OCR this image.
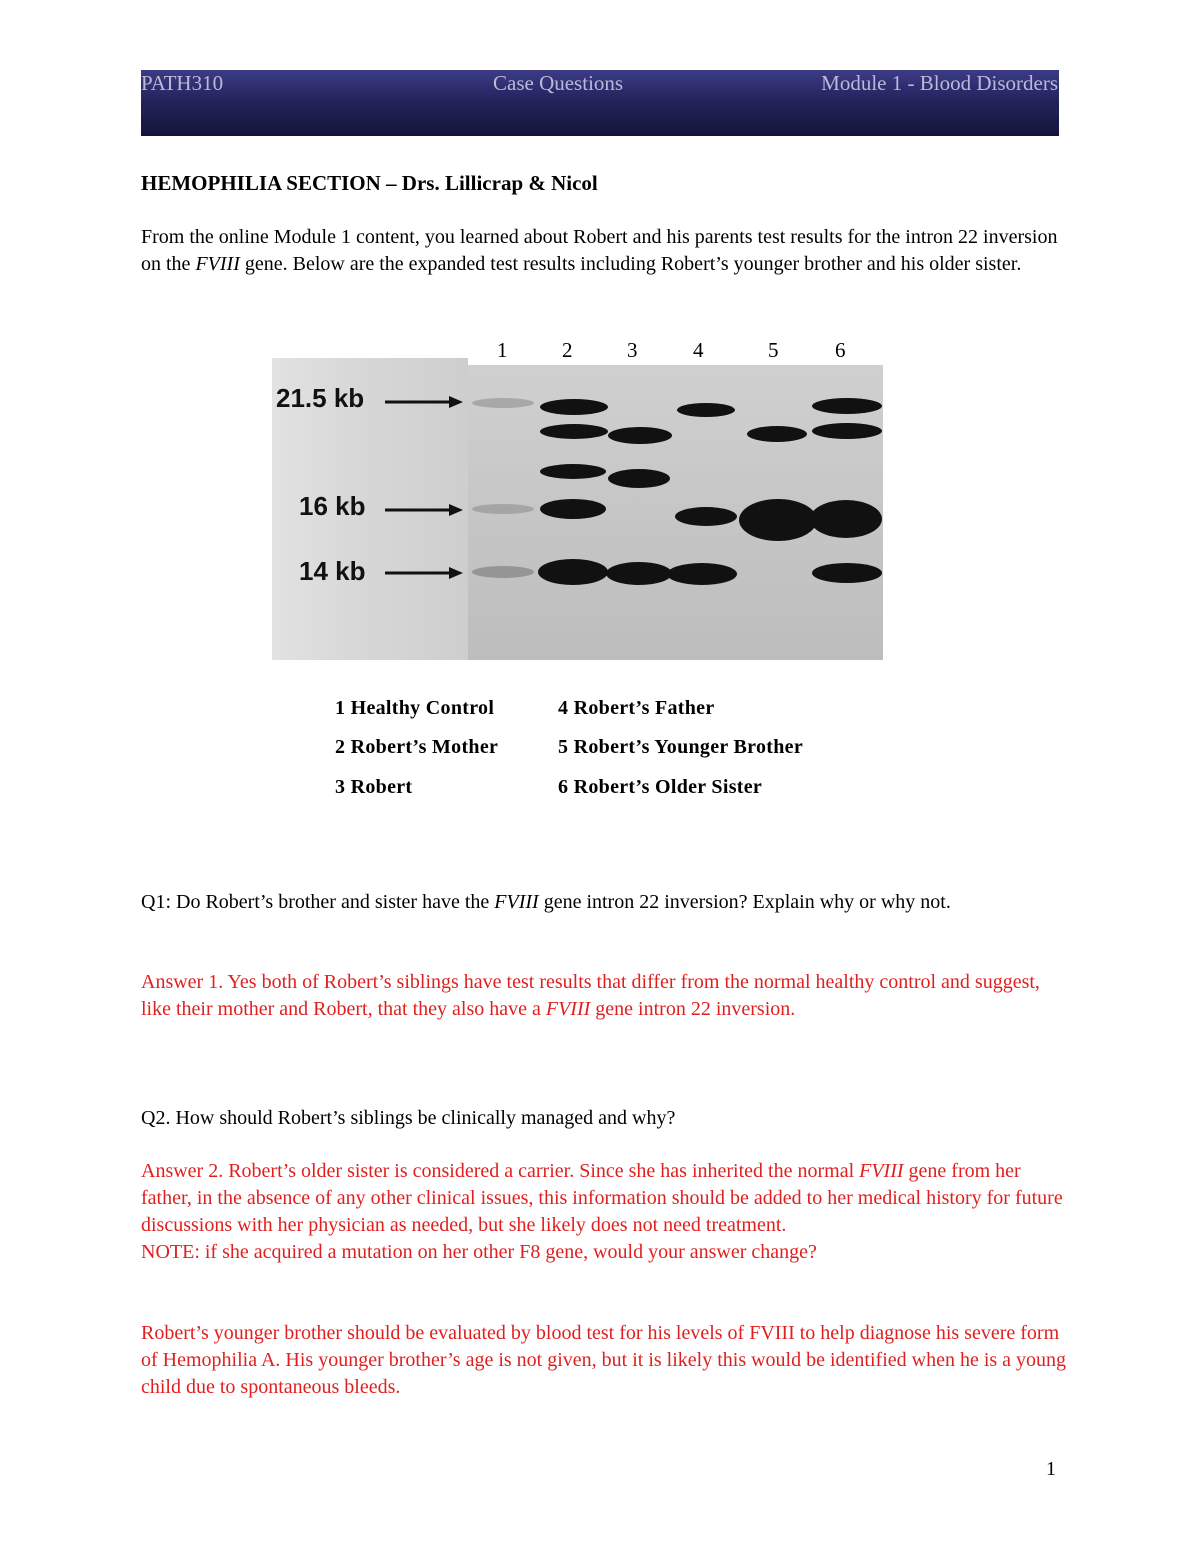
PATH310	Case Questions	Module 1 - Blood Disorders
HEMOPHILIA SECTION – Drs. Lillicrap & Nicol

From the online Module 1 content, you learned about Robert and his parents test results for the intron 22 inversion on the FVIII gene. Below are the expanded test results including Robert’s younger brother and his older sister.

1	2	3	4	5	6
21.5 kb
16 kb
14 kb
1 Healthy Control	4 Robert’s Father
2 Robert’s Mother	5 Robert’s Younger Brother
3 Robert	6 Robert’s Older Sister

Q1: Do Robert’s brother and sister have the FVIII gene intron 22 inversion? Explain why or why not.

Answer 1. Yes both of Robert’s siblings have test results that differ from the normal healthy control and suggest, like their mother and Robert, that they also have a FVIII gene intron 22 inversion.

Q2. How should Robert’s siblings be clinically managed and why?

Answer 2. Robert’s older sister is considered a carrier. Since she has inherited the normal FVIII gene from her father, in the absence of any other clinical issues, this information should be added to her medical history for future discussions with her physician as needed, but she likely does not need treatment.
NOTE: if she acquired a mutation on her other F8 gene, would your answer change?

Robert’s younger brother should be evaluated by blood test for his levels of FVIII to help diagnose his severe form of Hemophilia A. His younger brother’s age is not given, but it is likely this would be identified when he is a young child due to spontaneous bleeds.

1
